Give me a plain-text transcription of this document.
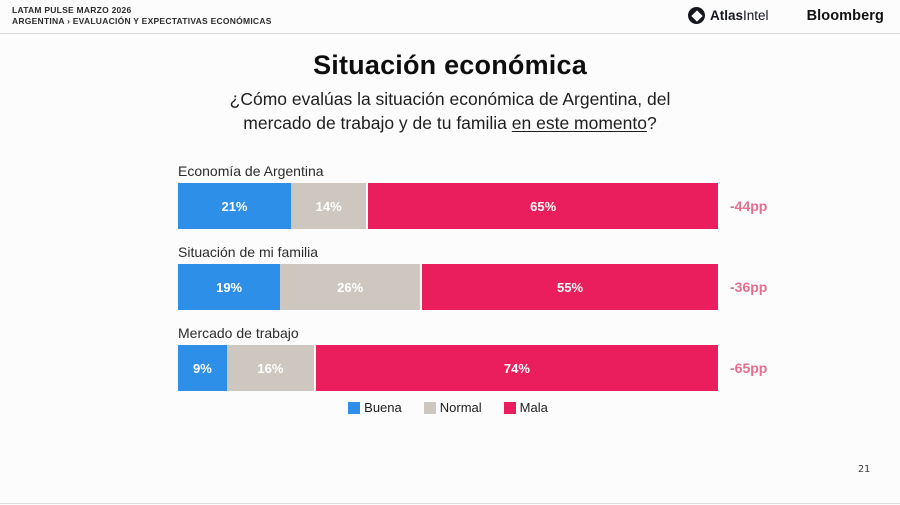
LATAM PULSE MARZO 2026
ARGENTINA › EVALUACIÓN Y EXPECTATIVAS ECONÓMICAS	AtlasIntel	Bloomberg
Situación económica
¿Cómo evalúas la situación económica de Argentina, del
mercado de trabajo y de tu familia en este momento?
Economía de Argentina
21%	14%	65%	-44pp
Situación de mi familia
19%	26%	55%	-36pp
Mercado de trabajo
9%	16%	74%	-65pp
Buena	Normal	Mala
21
